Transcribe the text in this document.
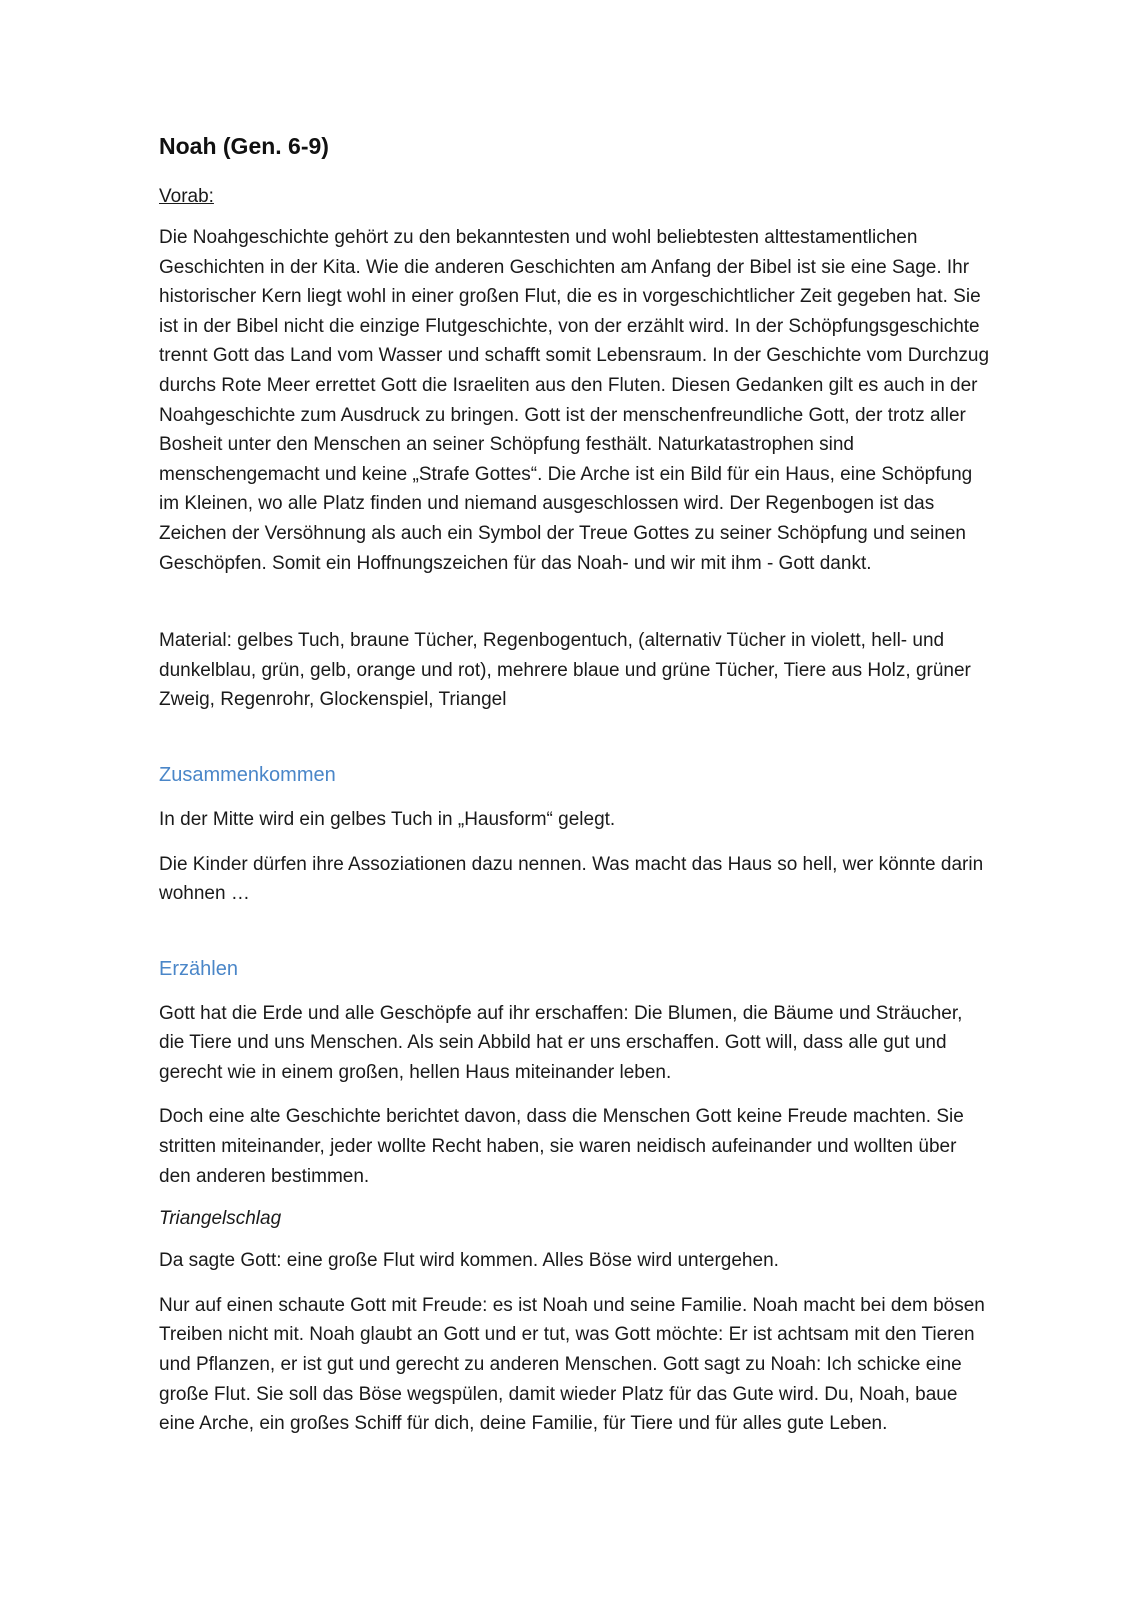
Noah (Gen. 6-9)

Vorab:

Die Noahgeschichte gehört zu den bekanntesten und wohl beliebtesten alttestamentlichen Geschichten in der Kita. Wie die anderen Geschichten am Anfang der Bibel ist sie eine Sage. Ihr historischer Kern liegt wohl in einer großen Flut, die es in vorgeschichtlicher Zeit gegeben hat. Sie ist in der Bibel nicht die einzige Flutgeschichte, von der erzählt wird. In der Schöpfungsgeschichte trennt Gott das Land vom Wasser und schafft somit Lebensraum. In der Geschichte vom Durchzug durchs Rote Meer errettet Gott die Israeliten aus den Fluten. Diesen Gedanken gilt es auch in der Noahgeschichte zum Ausdruck zu bringen. Gott ist der menschenfreundliche Gott, der trotz aller Bosheit unter den Menschen an seiner Schöpfung festhält. Naturkatastrophen sind menschengemacht und keine „Strafe Gottes“. Die Arche ist ein Bild für ein Haus, eine Schöpfung im Kleinen, wo alle Platz finden und niemand ausgeschlossen wird. Der Regenbogen ist das Zeichen der Versöhnung als auch ein Symbol der Treue Gottes zu seiner Schöpfung und seinen Geschöpfen. Somit ein Hoffnungszeichen für das Noah- und wir mit ihm - Gott dankt.

Material: gelbes Tuch, braune Tücher, Regenbogentuch, (alternativ Tücher in violett, hell- und dunkelblau, grün, gelb, orange und rot), mehrere blaue und grüne Tücher, Tiere aus Holz, grüner Zweig, Regenrohr, Glockenspiel, Triangel

Zusammenkommen

In der Mitte wird ein gelbes Tuch in „Hausform“ gelegt.

Die Kinder dürfen ihre Assoziationen dazu nennen. Was macht das Haus so hell, wer könnte darin wohnen …

Erzählen

Gott hat die Erde und alle Geschöpfe auf ihr erschaffen: Die Blumen, die Bäume und Sträucher, die Tiere und uns Menschen. Als sein Abbild hat er uns erschaffen. Gott will, dass alle gut und gerecht wie in einem großen, hellen Haus miteinander leben.

Doch eine alte Geschichte berichtet davon, dass die Menschen Gott keine Freude machten. Sie stritten miteinander, jeder wollte Recht haben, sie waren neidisch aufeinander und wollten über den anderen bestimmen.

Triangelschlag

Da sagte Gott: eine große Flut wird kommen. Alles Böse wird untergehen.

Nur auf einen schaute Gott mit Freude: es ist Noah und seine Familie. Noah macht bei dem bösen Treiben nicht mit. Noah glaubt an Gott und er tut, was Gott möchte: Er ist achtsam mit den Tieren und Pflanzen, er ist gut und gerecht zu anderen Menschen. Gott sagt zu Noah: Ich schicke eine große Flut. Sie soll das Böse wegspülen, damit wieder Platz für das Gute wird. Du, Noah, baue eine Arche, ein großes Schiff für dich, deine Familie, für Tiere und für alles gute Leben.
